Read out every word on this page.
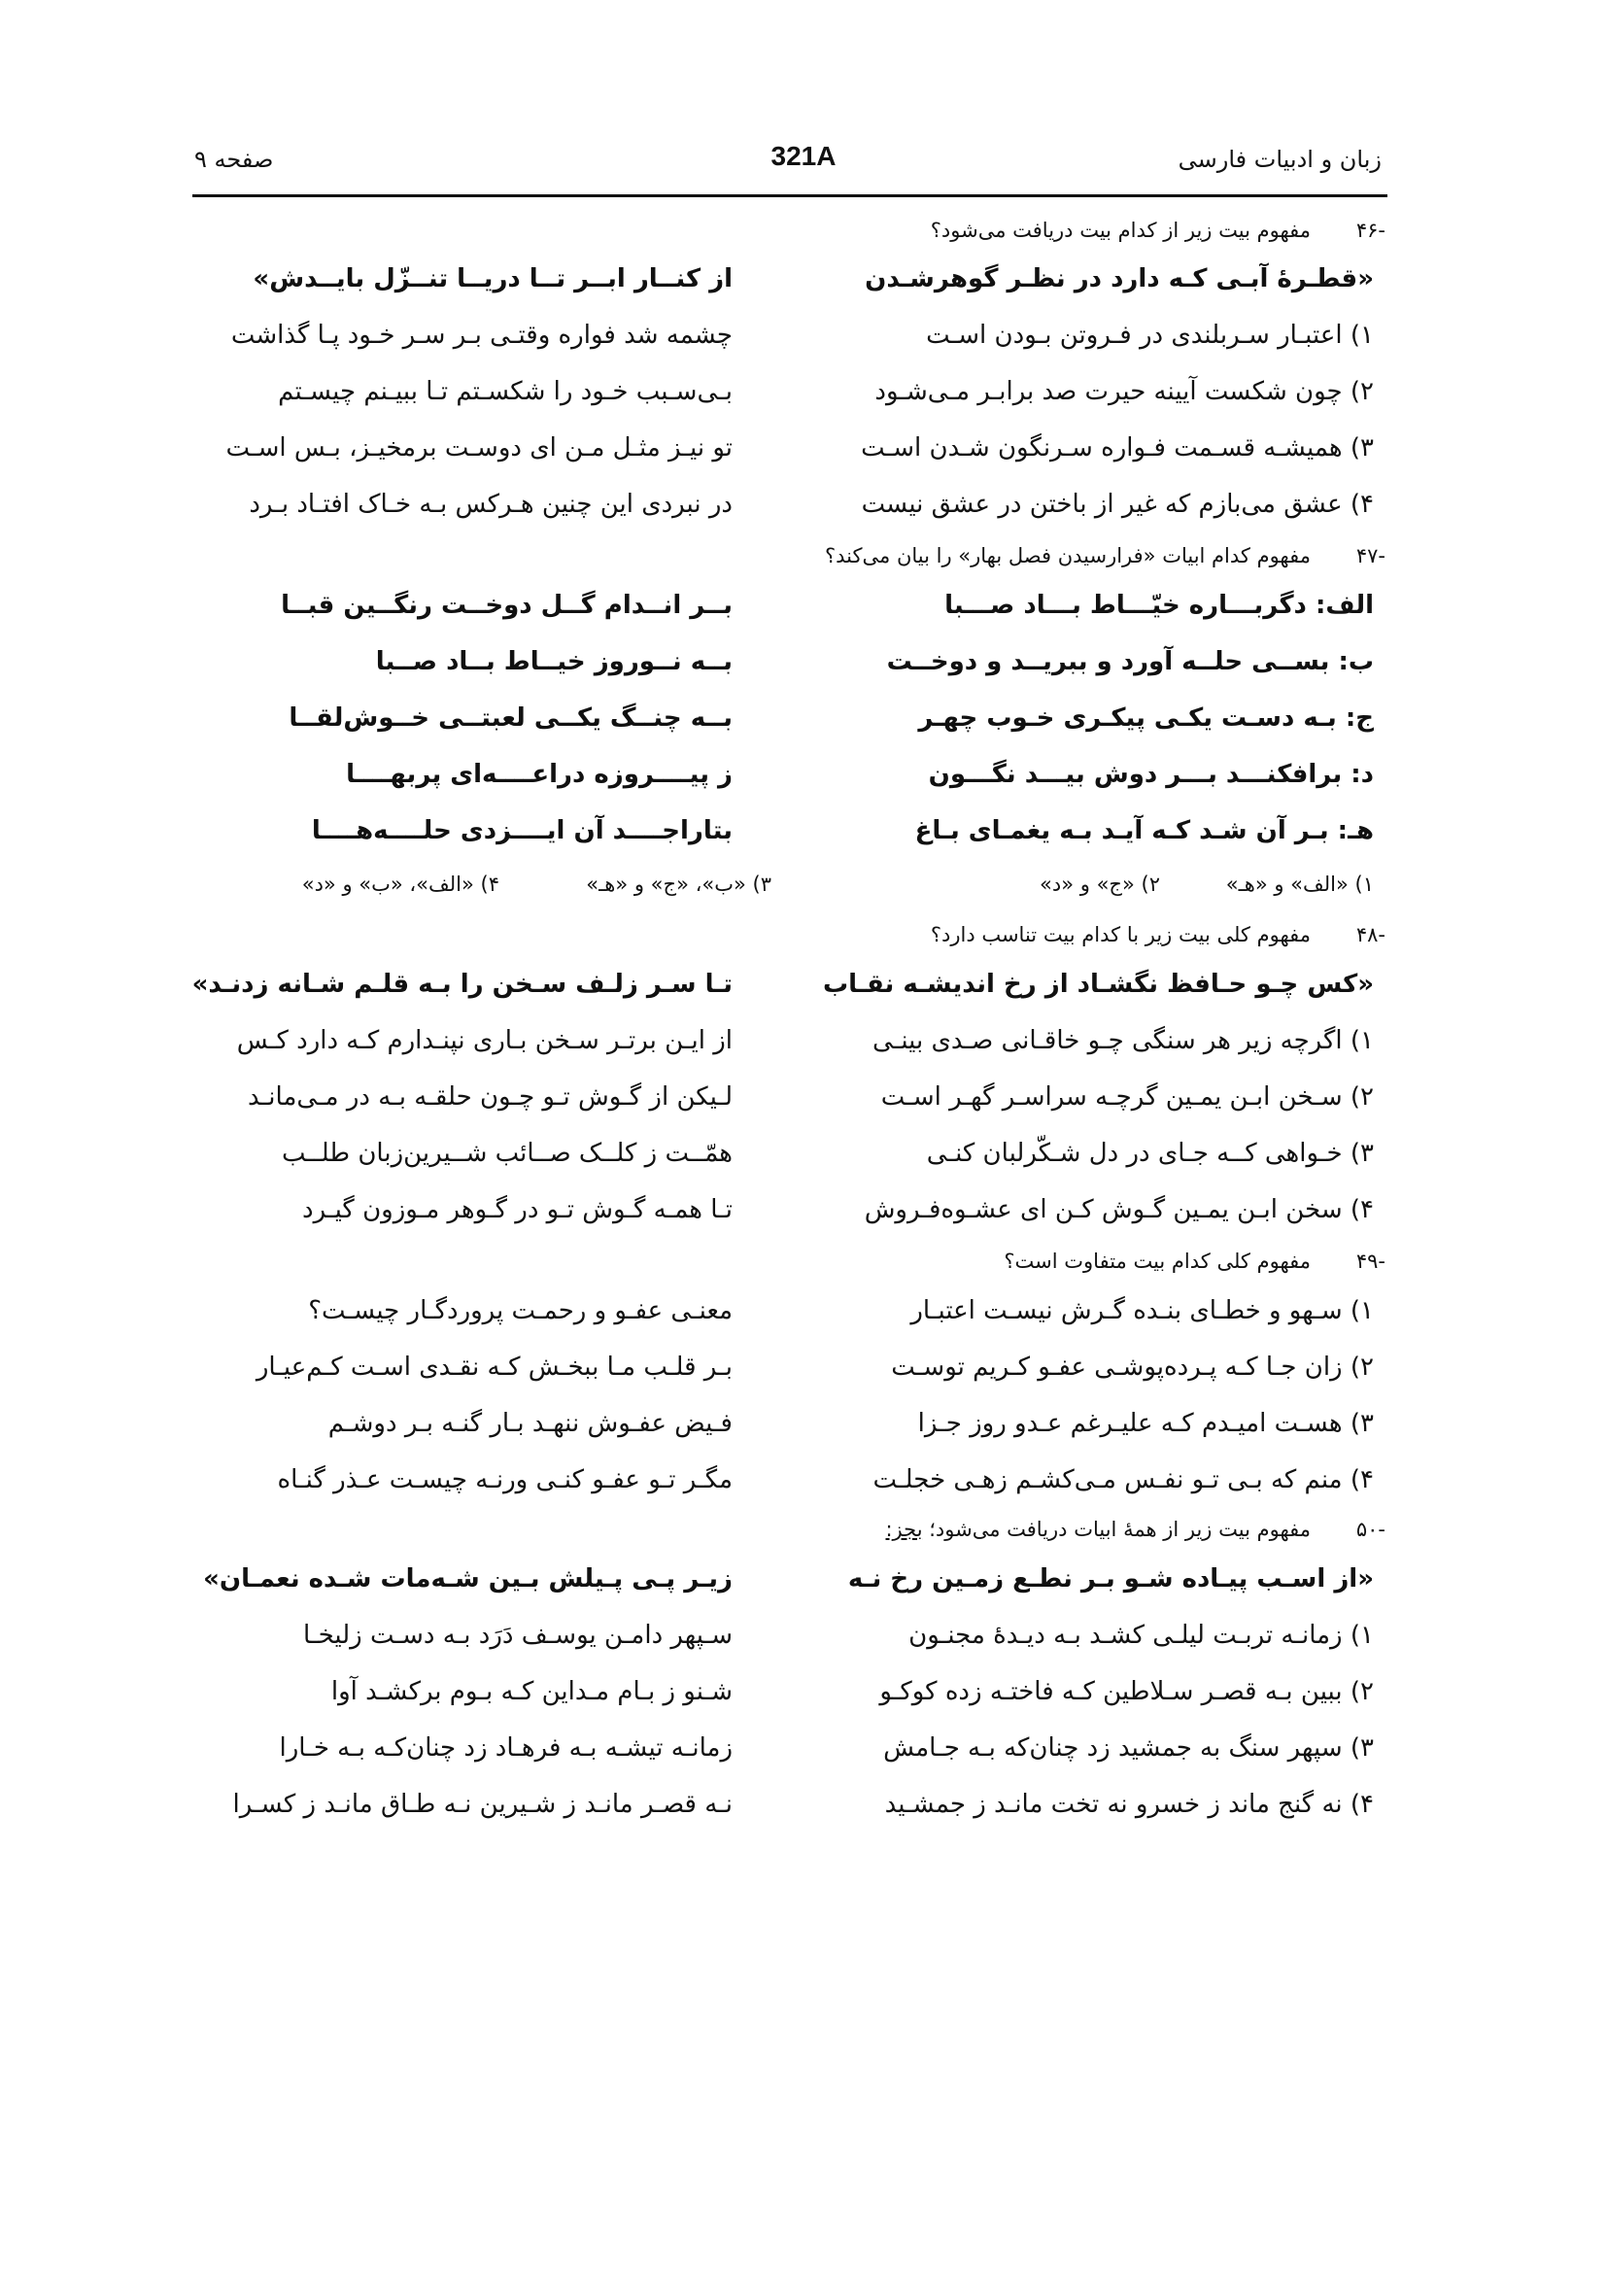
زبان و ادبیات فارسی
321A
صفحه ۹
-۴۶
مفهوم بیت زیر از کدام بیت دریافت می‌شود؟
«قطـرهٔ آبـی کـه دارد در نظـر گوهرشـدن
از کنــار ابــر تــا دریــا تنــزّل بایــدش»
۱) اعتبـار سـربلندی در فـروتن بـودن اسـت
چشمه شد فواره وقتـی بـر سـر خـود پـا گذاشت
۲) چون شکست آیینه حیرت صد برابـر مـی‌شـود
بـی‌سـبب خـود را شکسـتم تـا ببیـنم چیسـتم
۳) همیشـه قسـمت فـواره سـرنگون شـدن اسـت
تو نیـز مثـل مـن ای دوسـت برمخیـز، بـس اسـت
۴) عشق می‌بازم که غیر از باختن در عشق نیست
در نبردی این چنین هـرکس بـه خـاک افتـاد بـرد
-۴۷
مفهوم کدام ابیات «فرارسیدن فصل بهار» را بیان می‌کند؟
الف: دگربـــاره خیّـــاط بـــاد صـــبا
بــر انــدام گــل دوخــت رنگــین قبــا
ب: بســی حلــه آورد و ببریــد و دوخــت
بــه نــوروز خیــاط بــاد صــبا
ج: بـه دسـت یکـی پیکـری خـوب چهـر
بــه چنــگ یکــی لعبتــی خــوش‌لقــا
د: برافکنـــد بـــر دوش بیـــد نگـــون
ز پیــــروزه دراعــــه‌ای پربهــــا
هـ: بـر آن شـد کـه آیـد بـه یغمـای بـاغ
بتاراجــــد آن ایــــزدی حلــــه‌هــــا
۱) «الف» و «هـ»
۲) «ج» و «د»
۳) «ب»، «ج» و «هـ»
۴) «الف»، «ب» و «د»
-۴۸
مفهوم کلی بیت زیر با کدام بیت تناسب دارد؟
«کس چـو حـافظ نگشـاد از رخ اندیشـه نقـاب
تـا سـر زلـف سـخن را بـه قلـم شـانه زدنـد»
۱) اگرچه زیر هر سنگی چـو خاقـانی صـدی بینـی
از ایـن برتـر سـخن بـاری نپنـدارم کـه دارد کـس
۲) سـخن ابـن یمـین گرچـه سراسـر گهـر اسـت
لـیکن از گـوش تـو چـون حلقـه بـه در مـی‌مانـد
۳) خـواهی کــه جـای در دل شـکّرلبان کنـی
همّــت ز کلــک صــائب شــیرین‌زبان طلــب
۴) سخن ابـن یمـین گـوش کـن ای عشـوه‌فـروش
تـا همـه گـوش تـو در گـوهر مـوزون گیـرد
-۴۹
مفهوم کلی کدام بیت متفاوت است؟
۱) سـهو و خطـای بنـده گـرش نیسـت اعتبـار
معنـی عفـو و رحمـت پروردگـار چیسـت؟
۲) زان جـا کـه پـرده‌پوشـی عفـو کـریم توسـت
بـر قلـب مـا ببخـش کـه نقـدی اسـت کـم‌عیـار
۳) هسـت امیـدم کـه علیـرغم عـدو روز جـزا
فـیض عفـوش ننهـد بـار گنـه بـر دوشـم
۴) منم که بـی تـو نفـس مـی‌کشـم زهـی خجلـت
مگـر تـو عفـو کنـی ورنـه چیسـت عـذر گنـاه
-۵۰
مفهوم بیت زیر از همهٔ ابیات دریافت می‌شود؛ بجز:
«از اسـب پیـاده شـو بـر نطـع زمـین رخ نـه
زیـر پـی پـیلش بـین شـه‌مات شـده نعمـان»
۱) زمانـه تربـت لیلـی کشـد بـه دیـدهٔ مجنـون
سـپهر دامـن یوسـف دَرَد بـه دسـت زلیخـا
۲) ببین بـه قصـر سـلاطین کـه فاختـه زده کوکـو
شـنو ز بـام مـداین کـه بـوم برکشـد آوا
۳) سپهر سنگ به جمشید زد چنان‌که بـه جـامش
زمانـه تیشـه بـه فرهـاد زد چنان‌کـه بـه خـارا
۴) نه گنج ماند ز خسرو نه تخت مانـد ز جمشـید
نـه قصـر مانـد ز شـیرین نـه طـاق مانـد ز کسـرا
